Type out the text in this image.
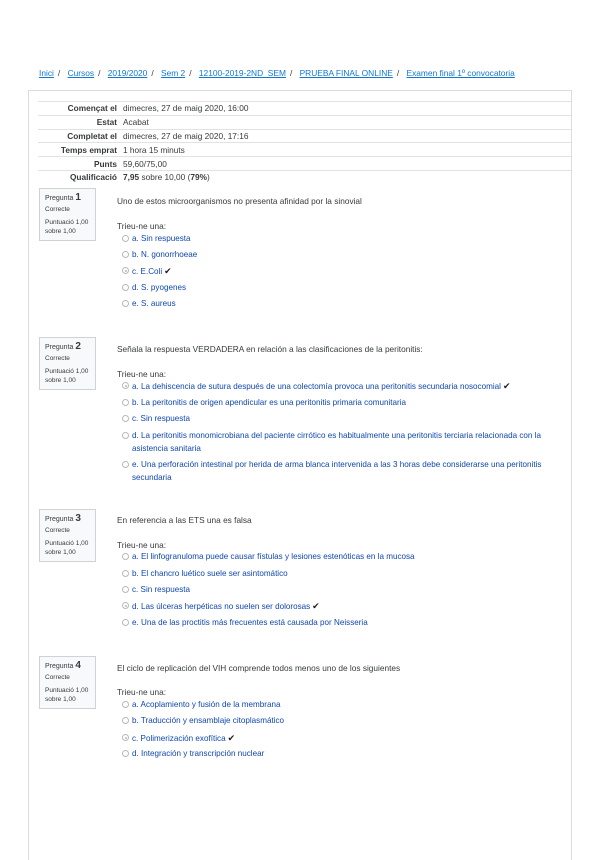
Inici / Cursos / 2019/2020 / Sem 2 / 12100-2019-2ND_SEM / PRUEBA FINAL ONLINE / Examen final 1º convocatoria
Començat el	dimecres, 27 de maig 2020, 16:00
Estat	Acabat
Completat el	dimecres, 27 de maig 2020, 17:16
Temps emprat	1 hora 15 minuts
Punts	59,60/75,00
Qualificació	7,95 sobre 10,00 (79%)
Pregunta 1
Correcte
Puntuació 1,00
sobre 1,00
Uno de estos microorganismos no presenta afinidad por la sinovial
Trieu-ne una:
a. Sin respuesta
b. N. gonorrhoeae
c. E.Coli ✔
d. S. pyogenes
e. S. aureus
Pregunta 2
Correcte
Puntuació 1,00
sobre 1,00
Señala la respuesta VERDADERA en relación a las clasificaciones de la peritonitis:
Trieu-ne una:
a. La dehiscencia de sutura después de una colectomía provoca una peritonitis secundaria nosocomial ✔
b. La peritonitis de origen apendicular es una peritonitis primaria comunitaria
c. Sin respuesta
d. La peritonitis monomicrobiana del paciente cirrótico es habitualmente una peritonitis terciaria relacionada con la asistencia sanitaria
e. Una perforación intestinal por herida de arma blanca intervenida a las 3 horas debe considerarse una peritonitis secundaria
Pregunta 3
Correcte
Puntuació 1,00
sobre 1,00
En referencia a las ETS una es falsa
Trieu-ne una:
a. El linfogranuloma puede causar fístulas y lesiones estenóticas en la mucosa
b. El chancro luético suele ser asintomático
c. Sin respuesta
d. Las úlceras herpéticas no suelen ser dolorosas ✔
e. Una de las proctitis más frecuentes está causada por Neisseria
Pregunta 4
Correcte
Puntuació 1,00
sobre 1,00
El ciclo de replicación del VIH comprende todos menos uno de los siguientes
Trieu-ne una:
a. Acoplamiento y fusión de la membrana
b. Traducción y ensamblaje citoplasmático
c. Polimerización exofítica ✔
d. Integración y transcripción nuclear
